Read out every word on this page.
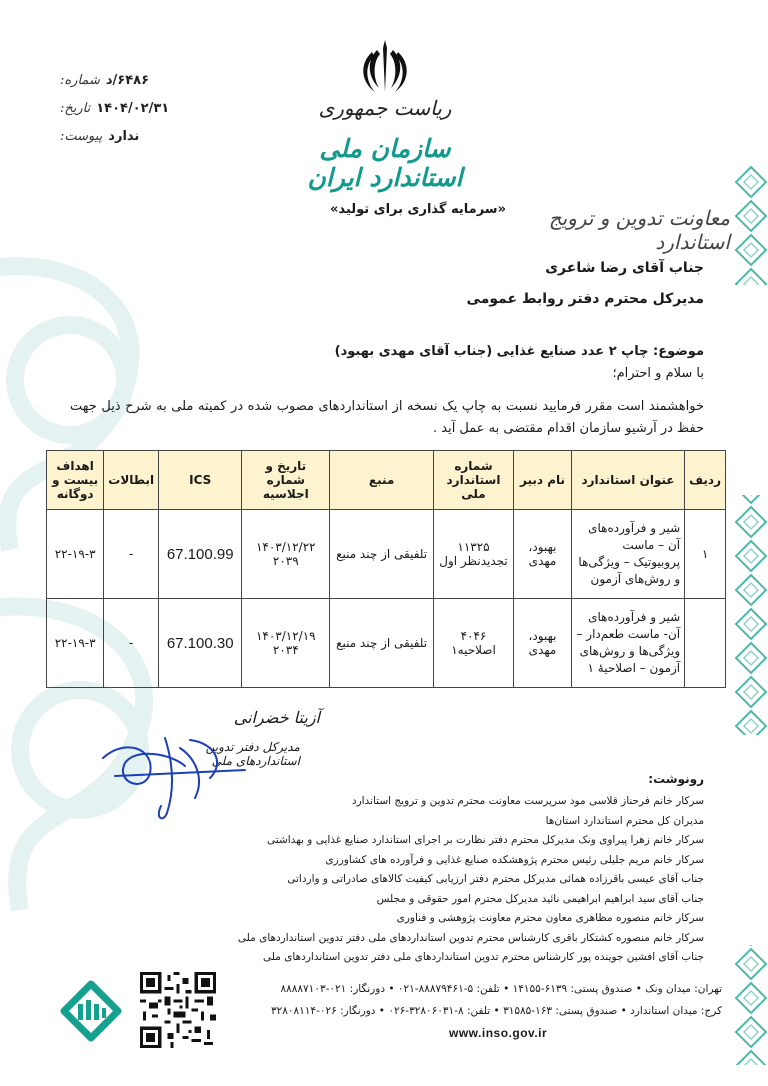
ریاست جمهوری
سازمان ملی استاندارد ایران
شماره: ۶۴۸۶/د
تاریخ: ۱۴۰۴/۰۲/۳۱
پیوست: ندارد
«سرمایه گذاری برای تولید»	معاونت تدوین و ترویج استاندارد
جناب آقای رضا شاعری
مدیرکل محترم دفتر روابط عمومی
موضوع: چاپ ۲ عدد صنایع غذایی (جناب آقای مهدی بهبود)
با سلام و احترام؛
خواهشمند است مقرر فرمایید نسبت به چاپ یک نسخه از استانداردهای مصوب شده در کمیته ملی به شرح ذیل جهت حفظ در آرشیو سازمان اقدام مقتضی به عمل آید .
ردیف	عنوان استاندارد	نام دبیر	شماره استاندارد ملی	منبع	تاریخ و شماره اجلاسیه	ICS	ابطالات	اهداف بیست و دوگانه
۱	شیر و فرآورده‌های آن – ماست پروبیوتیک – ویژگی‌ها و روش‌های آزمون	بهبود، مهدی	۱۱۳۲۵ تجدیدنظر اول	تلفیقی از چند منبع	۱۴۰۳/۱۲/۲۲ ۲۰۳۹	67.100.99	-	۲۲-۱۹-۳
	شیر و فرآورده‌های آن- ماست طعم‌دار – ویژگی‌ها و روش‌های آزمون – اصلاحیهٔ ۱	بهبود، مهدی	۴۰۴۶ اصلاحیه۱	تلفیقی از چند منبع	۱۴۰۳/۱۲/۱۹ ۲۰۳۴	67.100.30	-	۲۲-۱۹-۳
آزیتا خضرانی
مدیرکل دفتر تدوین استانداردهای ملی
رونوشت:
سرکار خانم فرحناز قلاسی مود سرپرست معاونت محترم تدوین و ترویج استاندارد
مدیران کل محترم استاندارد استان‌ها
سرکار خانم زهرا پیراوی ونک مدیرکل محترم دفتر نظارت بر اجرای استاندارد صنایع غذایی و بهداشتی
سرکار خانم مریم جلیلی رئیس محترم پژوهشکده صنایع غذایی و فرآورده های کشاورزی
جناب آقای عیسی باقرزاده همائی مدیرکل محترم دفتر ارزیابی کیفیت کالاهای صادراتی و وارداتی
جناب آقای سید ابراهیم ابراهیمی نائید مدیرکل محترم امور حقوقی و مجلس
سرکار خانم منصوره مظاهری معاون محترم معاونت پژوهشی و فناوری
سرکار خانم منصوره کشتکار باقری کارشناس محترم تدوین استانداردهای ملی دفتر تدوین استانداردهای ملی
جناب آقای افشین جوینده پور کارشناس محترم تدوین استانداردهای ملی دفتر تدوین استانداردهای ملی
تهران: میدان ونک • صندوق پستی: ۶۱۳۹-۱۴۱۵۵ • تلفن: ۵-۸۸۸۷۹۴۶۱-۰۲۱ • دورنگار: ۰۲۱-۸۸۸۸۷۱۰۳
کرج: میدان استاندارد • صندوق پستی: ۱۶۳-۳۱۵۸۵ • تلفن: ۸-۳۲۸۰۶۰۳۱-۰۲۶ • دورنگار: ۰۲۶-۳۲۸۰۸۱۱۴
www.inso.gov.ir
